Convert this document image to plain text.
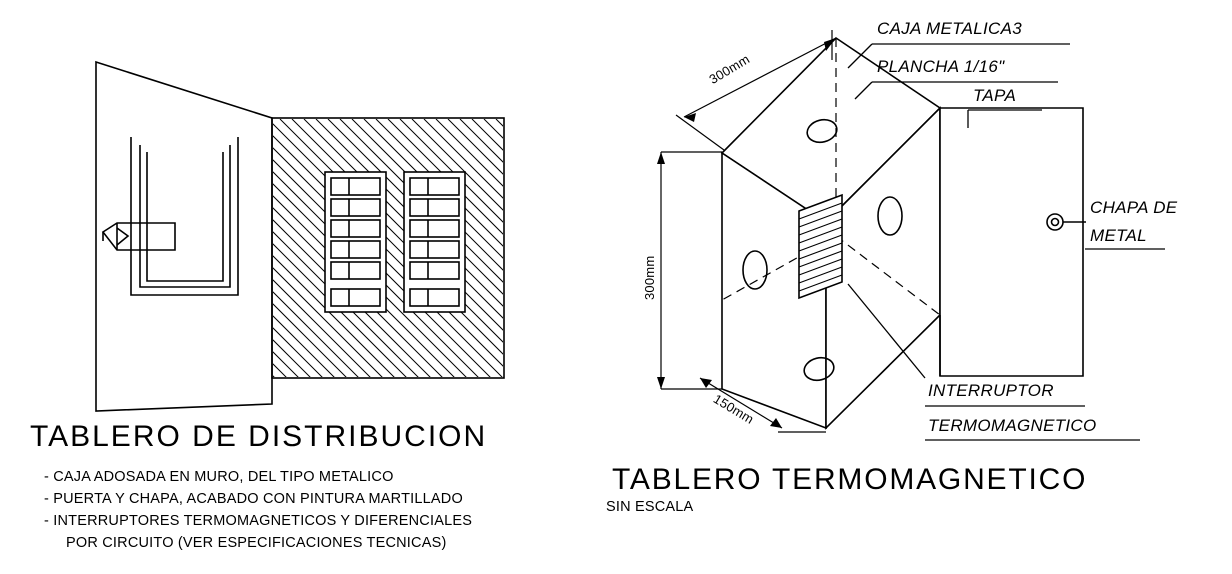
TABLERO DE DISTRIBUCION
- CAJA ADOSADA EN MURO, DEL TIPO METALICO
- PUERTA Y CHAPA, ACABADO CON PINTURA MARTILLADO
- INTERRUPTORES TERMOMAGNETICOS Y DIFERENCIALES
POR CIRCUITO (VER ESPECIFICACIONES TECNICAS)
TABLERO TERMOMAGNETICO
SIN ESCALA
CAJA METALICA3
PLANCHA 1/16"
TAPA
CHAPA DE
METAL
INTERRUPTOR
TERMOMAGNETICO
300mm
300mm
150mm
